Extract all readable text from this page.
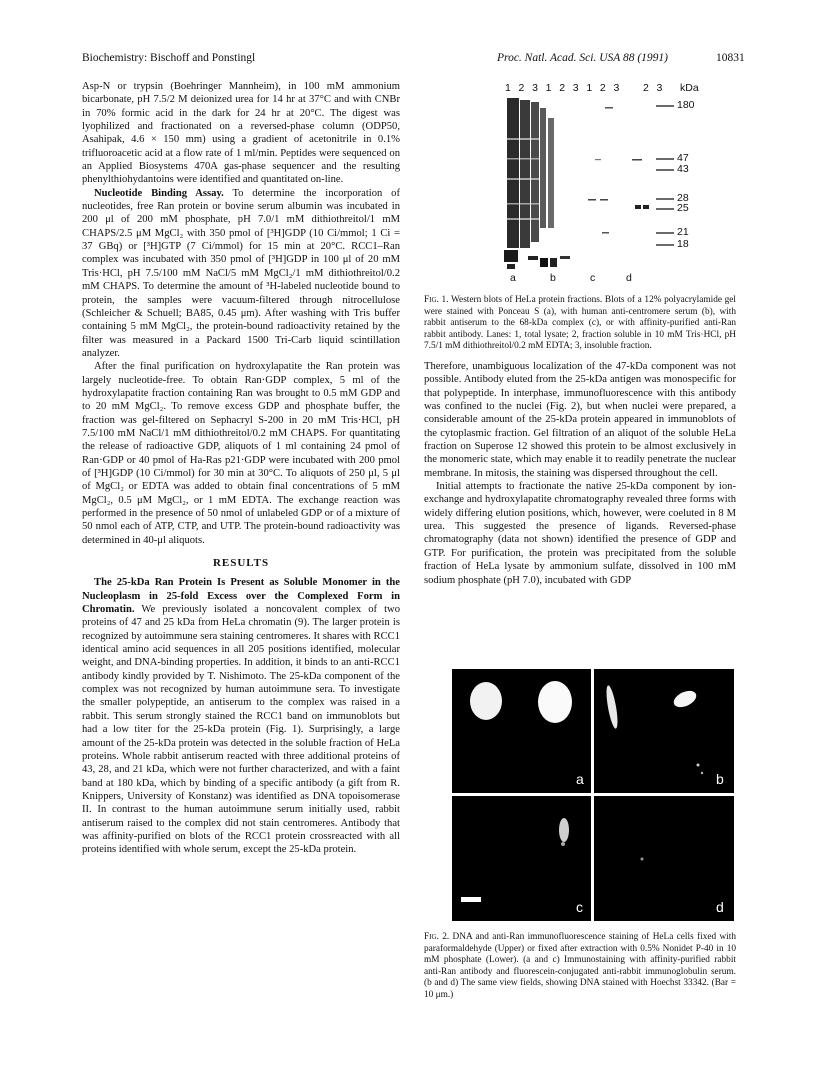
Biochemistry: Bischoff and Ponstingl	Proc. Natl. Acad. Sci. USA 88 (1991)	10831

Asp-N or trypsin (Boehringer Mannheim), in 100 mM ammonium bicarbonate, pH 7.5/2 M deionized urea for 14 hr at 37°C and with CNBr in 70% formic acid in the dark for 24 hr at 20°C. The digest was lyophilized and fractionated on a reversed-phase column (ODP50, Asahipak, 4.6 × 150 mm) using a gradient of acetonitrile in 0.1% trifluoroacetic acid at a flow rate of 1 ml/min. Peptides were sequenced on an Applied Biosystems 470A gas-phase sequencer and the resulting phenylthiohydantoins were identified and quantitated on-line.

Nucleotide Binding Assay. To determine the incorporation of nucleotides, free Ran protein or bovine serum albumin was incubated in 200 μl of 200 mM phosphate, pH 7.0/1 mM dithiothreitol/1 mM CHAPS/2.5 μM MgCl₂ with 350 pmol of [³H]GDP (10 Ci/mmol; 1 Ci = 37 GBq) or [³H]GTP (7 Ci/mmol) for 15 min at 20°C. RCC1–Ran complex was incubated with 350 pmol of [³H]GDP in 100 μl of 20 mM Tris·HCl, pH 7.5/100 mM NaCl/5 mM MgCl₂/1 mM dithiothreitol/0.2 mM CHAPS. To determine the amount of ³H-labeled nucleotide bound to protein, the samples were vacuum-filtered through nitrocellulose (Schleicher & Schuell; BA85, 0.45 μm). After washing with Tris buffer containing 5 mM MgCl₂, the protein-bound radioactivity retained by the filter was measured in a Packard 1500 Tri-Carb liquid scintillation analyzer.

After the final purification on hydroxylapatite the Ran protein was largely nucleotide-free. To obtain Ran·GDP complex, 5 ml of the hydroxylapatite fraction containing Ran was brought to 0.5 mM GDP and to 20 mM MgCl₂. To remove excess GDP and phosphate buffer, the fraction was gel-filtered on Sephacryl S-200 in 20 mM Tris·HCl, pH 7.5/100 mM NaCl/1 mM dithiothreitol/0.2 mM CHAPS. For quantitating the release of radioactive GDP, aliquots of 1 ml containing 24 pmol of Ran·GDP or 40 pmol of Ha-Ras p21·GDP were incubated with 200 pmol of [³H]GDP (10 Ci/mmol) for 30 min at 30°C. To aliquots of 250 μl, 5 μl of MgCl₂ or EDTA was added to obtain final concentrations of 5 mM MgCl₂, 0.5 μM MgCl₂, or 1 mM EDTA. The exchange reaction was performed in the presence of 50 nmol of unlabeled GDP or of a mixture of 50 nmol each of ATP, CTP, and UTP. The protein-bound radioactivity was determined in 40-μl aliquots.

RESULTS

The 25-kDa Ran Protein Is Present as Soluble Monomer in the Nucleoplasm in 25-fold Excess over the Complexed Form in Chromatin. We previously isolated a noncovalent complex of two proteins of 47 and 25 kDa from HeLa chromatin (9). The larger protein is recognized by autoimmune sera staining centromeres. It shares with RCC1 identical amino acid sequences in all 205 positions identified, molecular weight, and DNA-binding properties. In addition, it binds to an anti-RCC1 antibody kindly provided by T. Nishimoto. The 25-kDa component of the complex was not recognized by human autoimmune sera. To investigate the smaller polypeptide, an antiserum to the complex was raised in a rabbit. This serum strongly stained the RCC1 band on immunoblots but had a low titer for the 25-kDa protein (Fig. 1). Surprisingly, a large amount of the 25-kDa protein was detected in the soluble fraction of HeLa proteins. Whole rabbit antiserum reacted with three additional proteins of 43, 28, and 21 kDa, which were not further characterized, and with a faint band at 180 kDa, which by binding of a specific antibody (a gift from R. Knippers, University of Konstanz) was identified as DNA topoisomerase II. In contrast to the human autoimmune serum initially used, rabbit antiserum raised to the complex did not stain centromeres. Antibody that was affinity-purified on blots of the RCC1 protein crossreacted with all proteins identified with whole serum, except the 25-kDa protein.

1 2 3 1 2 3 1 2 3    2 3 kDa
180
47
43
28
25
21
18
a	b	c	d

Fig. 1. Western blots of HeLa protein fractions. Blots of a 12% polyacrylamide gel were stained with Ponceau S (a), with human anti-centromere serum (b), with rabbit antiserum to the 68-kDa complex (c), or with affinity-purified anti-Ran rabbit antibody. Lanes: 1, total lysate; 2, fraction soluble in 10 mM Tris·HCl, pH 7.5/1 mM dithiothreitol/0.2 mM EDTA; 3, insoluble fraction.

Therefore, unambiguous localization of the 47-kDa component was not possible. Antibody eluted from the 25-kDa antigen was monospecific for that polypeptide. In interphase, immunofluorescence with this antibody was confined to the nuclei (Fig. 2), but when nuclei were prepared, a considerable amount of the 25-kDa protein appeared in immunoblots of the cytoplasmic fraction. Gel filtration of an aliquot of the soluble HeLa fraction on Superose 12 showed this protein to be almost exclusively in the monomeric state, which may enable it to readily penetrate the nuclear membrane. In mitosis, the staining was dispersed throughout the cell.

Initial attempts to fractionate the native 25-kDa component by ion-exchange and hydroxylapatite chromatography revealed three forms with widely differing elution positions, which, however, were coeluted in 8 M urea. This suggested the presence of ligands. Reversed-phase chromatography (data not shown) identified the presence of GDP and GTP. For purification, the protein was precipitated from the soluble fraction of HeLa lysate by ammonium sulfate, dissolved in 100 mM sodium phosphate (pH 7.0), incubated with GDP

a	b
c	d

Fig. 2. DNA and anti-Ran immunofluorescence staining of HeLa cells fixed with paraformaldehyde (Upper) or fixed after extraction with 0.5% Nonidet P-40 in 10 mM phosphate (Lower). (a and c) Immunostaining with affinity-purified rabbit anti-Ran antibody and fluorescein-conjugated anti-rabbit immunoglobulin serum. (b and d) The same view fields, showing DNA stained with Hoechst 33342. (Bar = 10 μm.)
